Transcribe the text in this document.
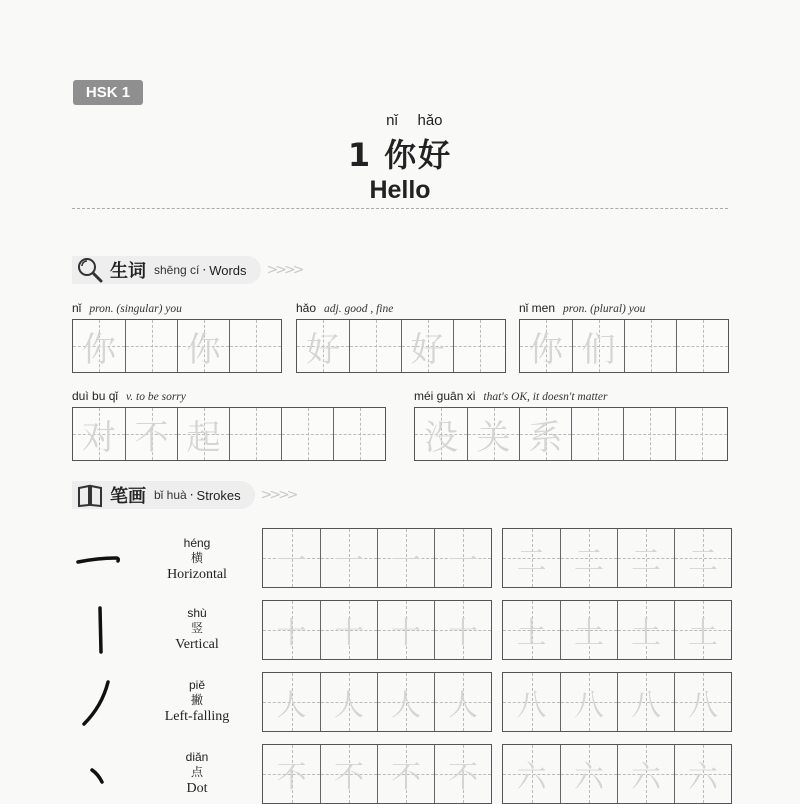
HSK 1
nǐ hǎo
1 你好
Hello
生词 shēng cí · Words >>>>
nǐ pron. (singular) you
你 你
hǎo adj. good , fine
好 好
nǐ men pron. (plural) you
你 们
duì bu qǐ v. to be sorry
对 不 起
méi guān xi that's OK, it doesn't matter
没 关 系
笔画 bǐ huà · Strokes >>>>
héng
横
Horizontal	一 一 一 一	二 二 二 二
shù
竖
Vertical	十 十 十 十	土 土 土 土
piě
撇
Left-falling	人 人 人 人	八 八 八 八
diǎn
点
Dot	不 不 不 不	六 六 六 六
